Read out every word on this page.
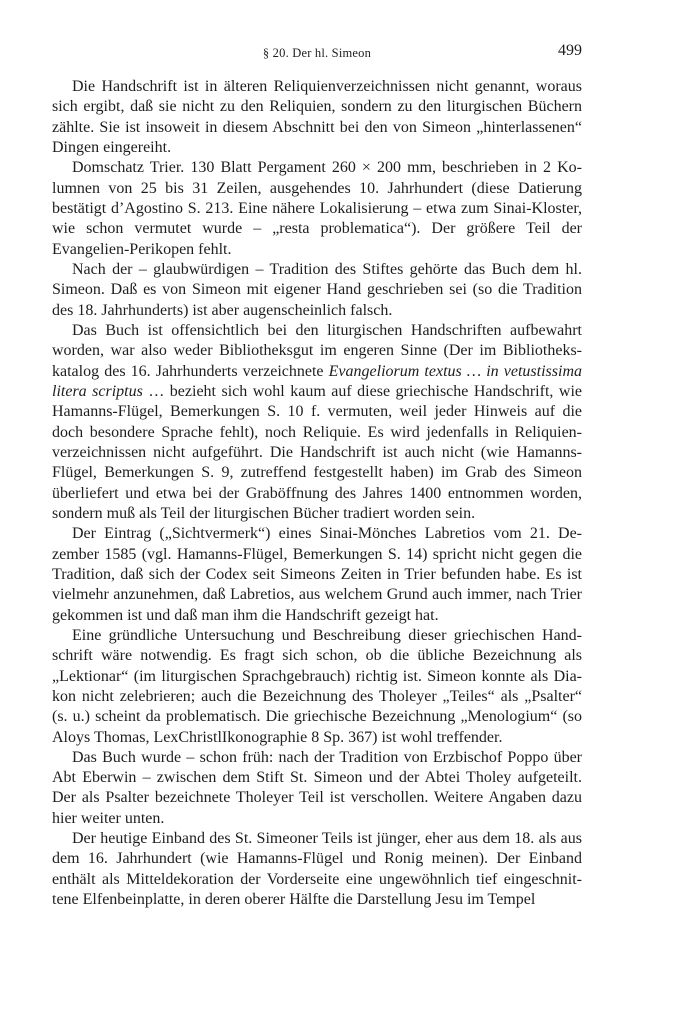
§ 20. Der hl. Simeon	499

Die Handschrift ist in älteren Reliquienverzeichnissen nicht genannt, woraus sich ergibt, daß sie nicht zu den Reliquien, sondern zu den liturgischen Büchern zählte. Sie ist insoweit in diesem Abschnitt bei den von Simeon „hinterlassenen“ Dingen eingereiht.

Domschatz Trier. 130 Blatt Pergament 260 × 200 mm, beschrieben in 2 Kolumnen von 25 bis 31 Zeilen, ausgehendes 10. Jahrhundert (diese Datierung bestätigt d’Agostino S. 213. Eine nähere Lokalisierung – etwa zum Sinai-Kloster, wie schon vermutet wurde – „resta problematica“). Der größere Teil der Evangelien-Perikopen fehlt.

Nach der – glaubwürdigen – Tradition des Stiftes gehörte das Buch dem hl. Simeon. Daß es von Simeon mit eigener Hand geschrieben sei (so die Tradition des 18. Jahrhunderts) ist aber augenscheinlich falsch.

Das Buch ist offensichtlich bei den liturgischen Handschriften aufbewahrt worden, war also weder Bibliotheksgut im engeren Sinne (Der im Bibliothekskatalog des 16. Jahrhunderts verzeichnete Evangeliorum textus … in vetustissima litera scriptus … bezieht sich wohl kaum auf diese griechische Handschrift, wie Hamanns-Flügel, Bemerkungen S. 10 f. vermuten, weil jeder Hinweis auf die doch besondere Sprache fehlt), noch Reliquie. Es wird jedenfalls in Reliquienverzeichnissen nicht aufgeführt. Die Handschrift ist auch nicht (wie Hamanns-Flügel, Bemerkungen S. 9, zutreffend festgestellt haben) im Grab des Simeon überliefert und etwa bei der Graböffnung des Jahres 1400 entnommen worden, sondern muß als Teil der liturgischen Bücher tradiert worden sein.

Der Eintrag („Sichtvermerk“) eines Sinai-Mönches Labretios vom 21. Dezember 1585 (vgl. Hamanns-Flügel, Bemerkungen S. 14) spricht nicht gegen die Tradition, daß sich der Codex seit Simeons Zeiten in Trier befunden habe. Es ist vielmehr anzunehmen, daß Labretios, aus welchem Grund auch immer, nach Trier gekommen ist und daß man ihm die Handschrift gezeigt hat.

Eine gründliche Untersuchung und Beschreibung dieser griechischen Handschrift wäre notwendig. Es fragt sich schon, ob die übliche Bezeichnung als „Lektionar“ (im liturgischen Sprachgebrauch) richtig ist. Simeon konnte als Diakon nicht zelebrieren; auch die Bezeichnung des Tholeyer „Teiles“ als „Psalter“ (s. u.) scheint da problematisch. Die griechische Bezeichnung „Menologium“ (so Aloys Thomas, LexChristlIkonographie 8 Sp. 367) ist wohl treffender.

Das Buch wurde – schon früh: nach der Tradition von Erzbischof Poppo über Abt Eberwin – zwischen dem Stift St. Simeon und der Abtei Tholey aufgeteilt. Der als Psalter bezeichnete Tholeyer Teil ist verschollen. Weitere Angaben dazu hier weiter unten.

Der heutige Einband des St. Simeoner Teils ist jünger, eher aus dem 18. als aus dem 16. Jahrhundert (wie Hamanns-Flügel und Ronig meinen). Der Einband enthält als Mitteldekoration der Vorderseite eine ungewöhnlich tief eingeschnittene Elfenbeinplatte, in deren oberer Hälfte die Darstellung Jesu im Tempel
